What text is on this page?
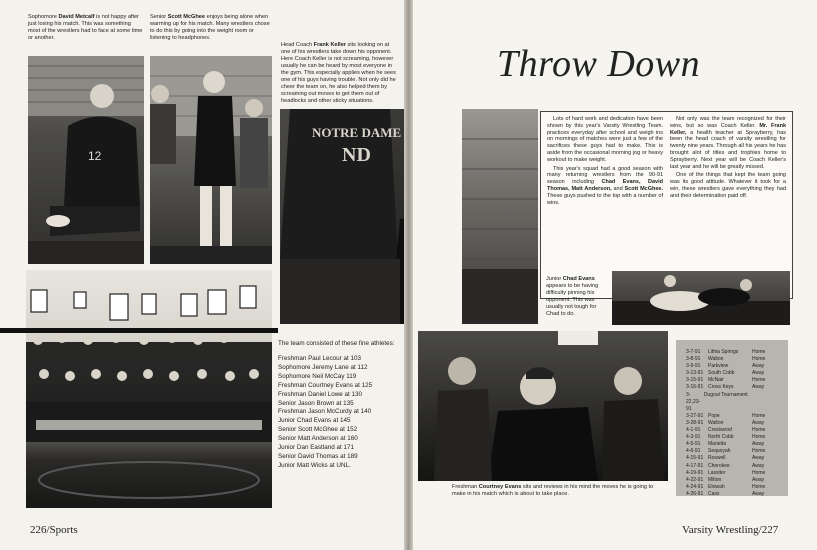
Sophomore David Metcalf is not happy after just losing his match. This was something most of the wrestlers had to face at some time or another.
Senior Scott McGhee enjoys being alone when warming up for his match. Many wrestlers chose to do this by going into the weight room or listening to headphones.
12
Head Coach Frank Keller sits looking on at one of his wrestlers take down his opponent. Here Coach Keller is not screaming, however usually he can be heard by most everyone in the gym. This especially applies when he sees one of his guys having trouble. Not only did he cheer the team on, he also helped them by screaming out moves to get them out of headlocks and other sticky situations.
The team consisted of these fine athletes:
Freshman Paul Lecour at 103
Sophomore Jeremy Lane at 112
Sophomore Neil McCay 119
Freshman Courtney Evans at 125
Freshman Daniel Lowe at 130
Senior Jason Brown at 135
Freshman Jason McCurdy at 140
Junior Chad Evans at 145
Senior Scott McGhee at 152
Senior Matt Anderson at 160
Junior Dan Eastland at 171
Senior David Thomas at 189
Junior Matt Wicks at UNL.
226/Sports
NOTRE DAME
ND
Throw Down

Lots of hard work and dedication have been shown by this year's Varsity Wrestling Team. practices everyday after school and weigh ins on mornings of matches were just a few of the sacrifices these guys had to make. This is aside from the occasional morning jog or heavy workout to make weight.

This year's squad had a good season with many returning wrestlers from the 90-91 season including Chad Evans, David Thomas, Matt Anderson, and Scott McGhee. These guys pushed to the top with a number of wins.

Not only was the team recognized for their wins, but so was Coach Keller. Mr. Frank Keller, a health teacher at Sprayberry, has been the head coach of varsity wrestling for twenty nine years. Through all his years he has brought alot of titles and trophies home to Sprayberry. Next year will be Coach Keller's last year and he will be greatly missed.

One of the things that kept the team going was its good attitude. Whatever it took for a win, these wrestlers gave everything they had and their determination paid off.

Junior Chad Evans appears to be having difficulty pinning his opponent. This was usually not tough for Chad to do.
Freshman Courtney Evans sits and reviews in his mind the moves he is going to make in his match which is about to take place.
3-7-91	Lithia Springs	Home
3-8-91	Walton	Home
3-9-91	Parkview	Away
3-13-91 South Cobb	Away
3-15-91 McNair	Home
3-16-91 Cross Keys	Away
3-22,23-91
Dugout Tournament
3-27-91 Pope	Home
3-28-91 Walton	Away
4-1-91	Crestwood	Home
4-3-91	North Cobb	Home
4-5-91	Marietta	Away
4-6-91	Sequoyah	Home
4-15-91 Roswell	Away
4-17-91 Cherokee	Away
4-19-91 Lassiter	Home
4-22-91 Milton	Away
4-24-91 Etowah	Home
4-26-91 Cass	Away
Varsity Wrestling/227
